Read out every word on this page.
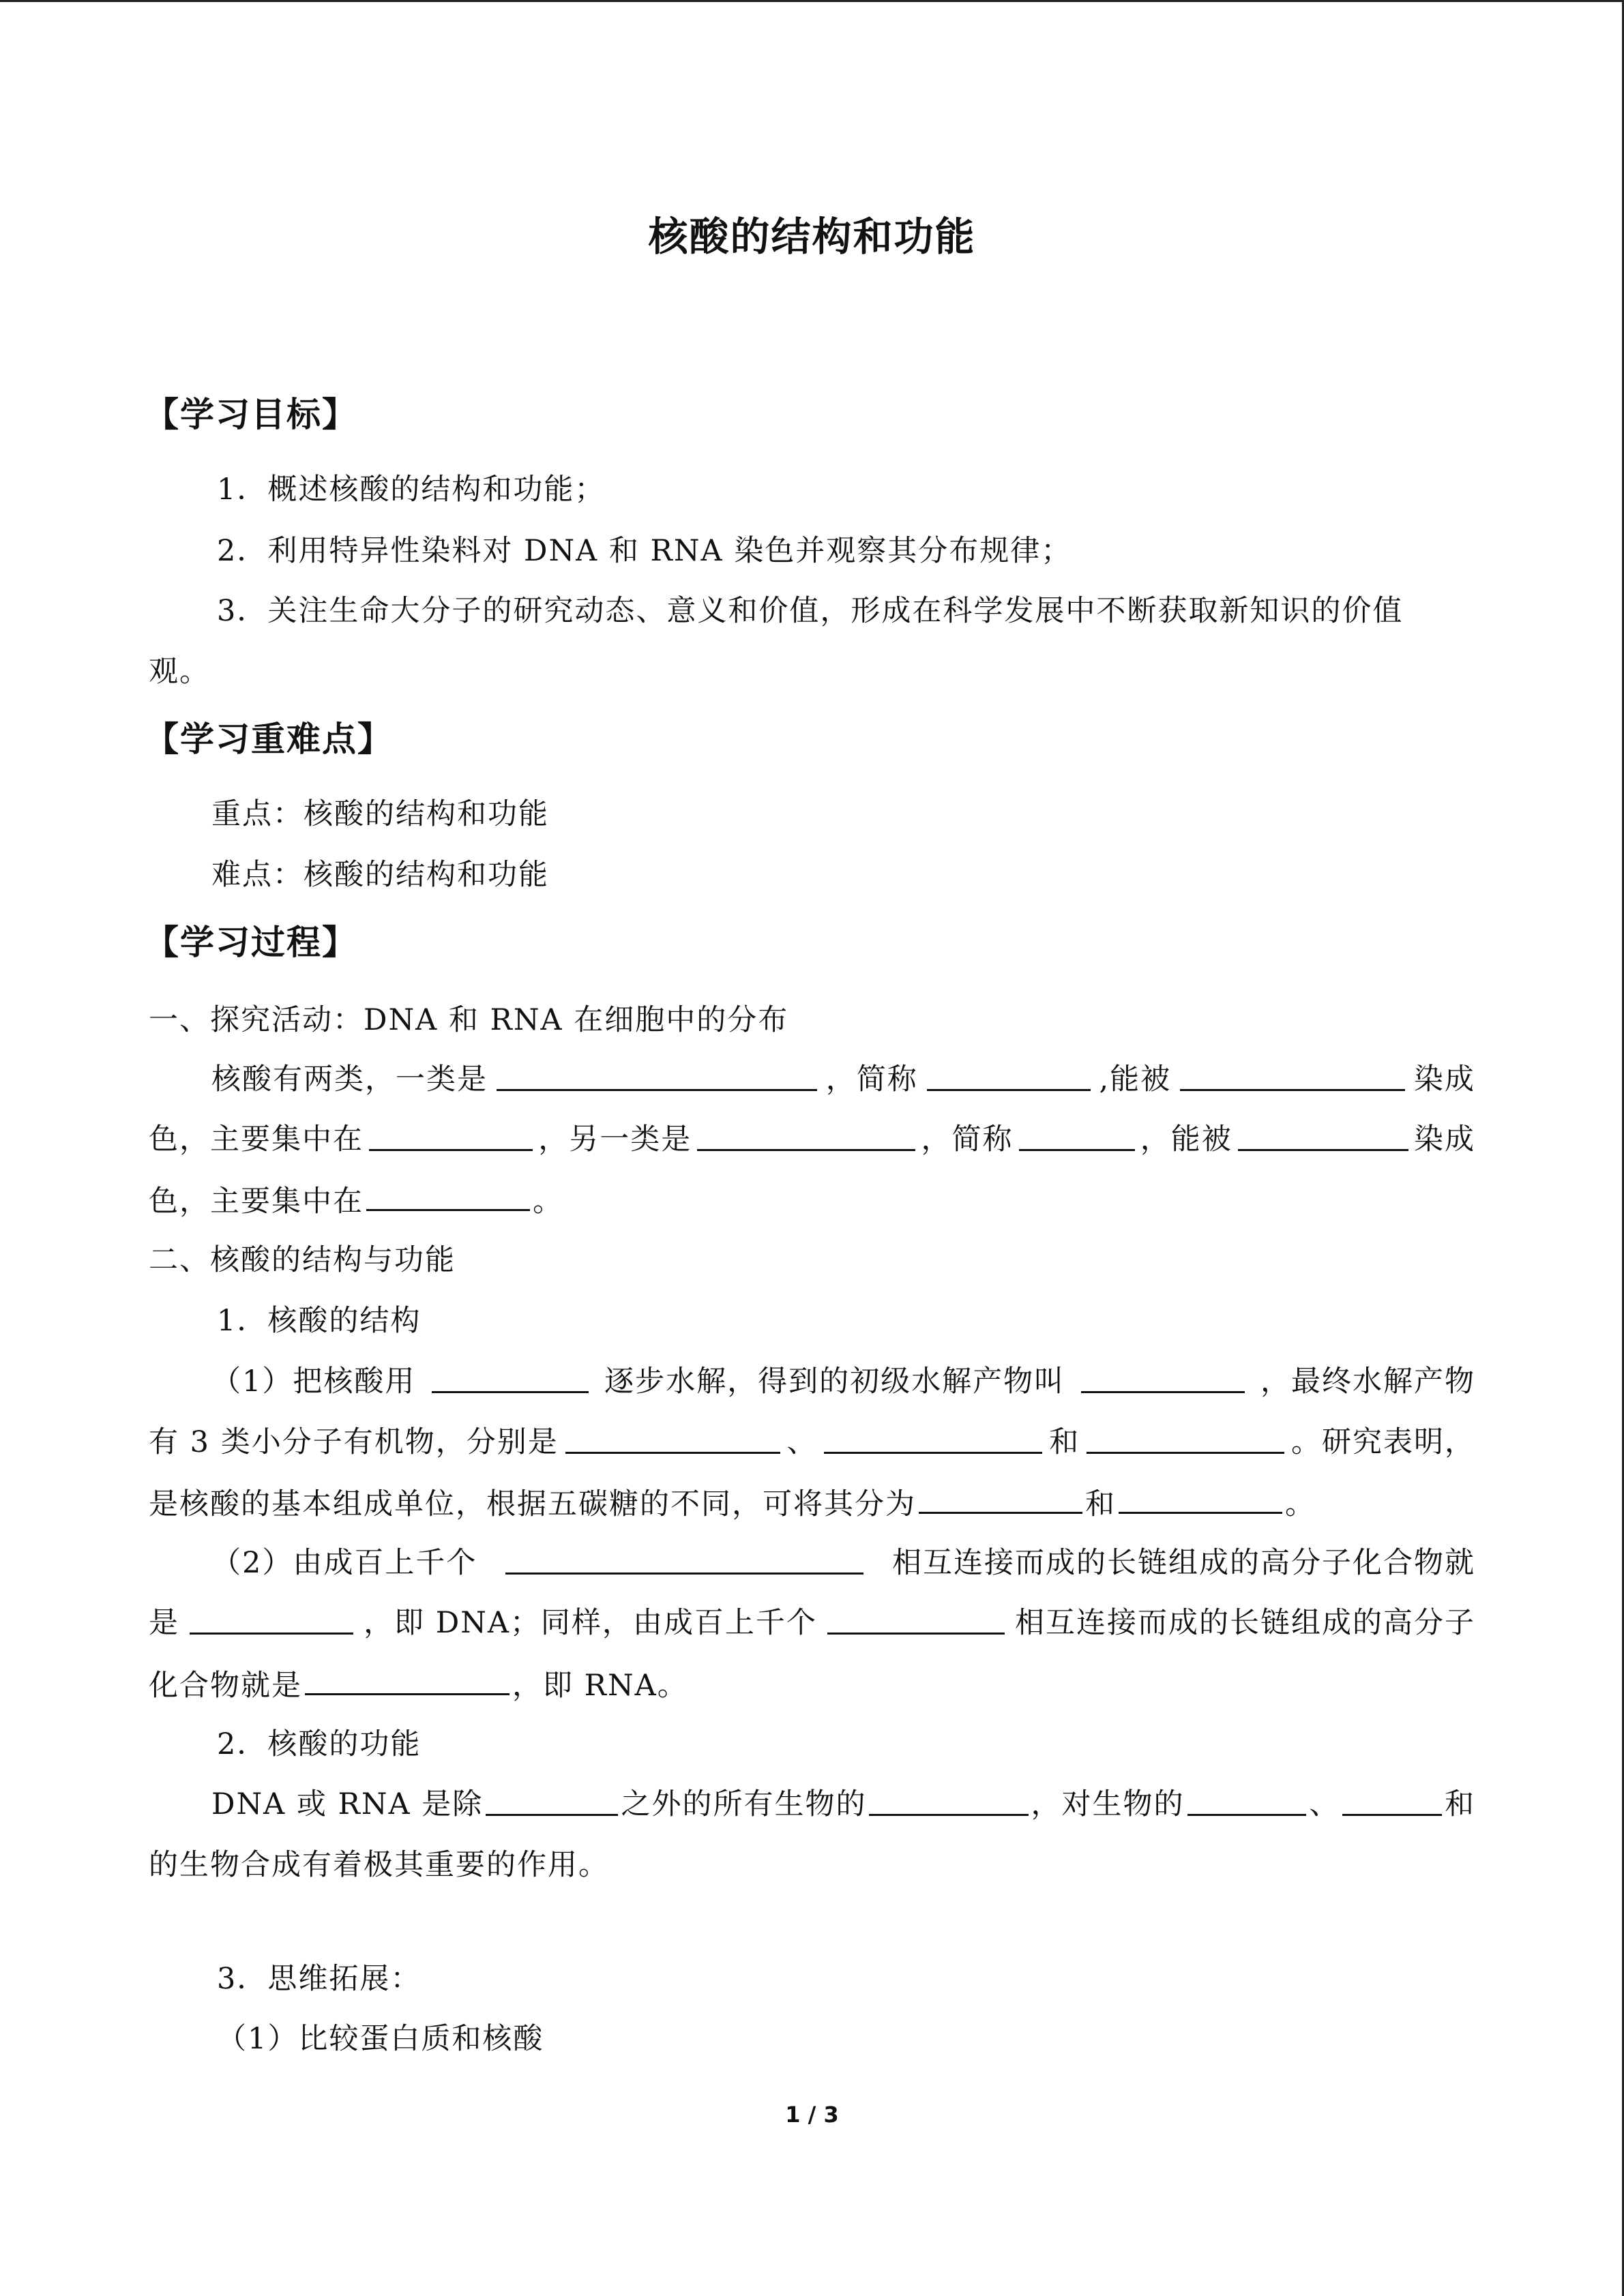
核酸的结构和功能
【学习目标】
1．概述核酸的结构和功能；
2．利用特异性染料对 DNA 和 RNA 染色并观察其分布规律；
3．关注生命大分子的研究动态、意义和价值，形成在科学发展中不断获取新知识的价值
观。
【学习重难点】
重点：核酸的结构和功能
难点：核酸的结构和功能
【学习过程】
一、探究活动：DNA 和 RNA 在细胞中的分布
核酸有两类，一类是	，简称	,能被	染成
色，主要集中在	，另一类是	，简称	，能被	染成
色，主要集中在	。
二、核酸的结构与功能
1．核酸的结构
（1）把核酸用	逐步水解，得到的初级水解产物叫	，最终水解产物
有 3 类小分子有机物，分别是	、	和	。研究表明，
是核酸的基本组成单位，根据五碳糖的不同，可将其分为	和	。
（2）由成百上千个	相互连接而成的长链组成的高分子化合物就
是	，即 DNA；同样，由成百上千个	相互连接而成的长链组成的高分子
化合物就是	，即 RNA。
2．核酸的功能
DNA 或 RNA 是除	之外的所有生物的	，对生物的	、	和
的生物合成有着极其重要的作用。
3．思维拓展：
（1）比较蛋白质和核酸
1 / 3
